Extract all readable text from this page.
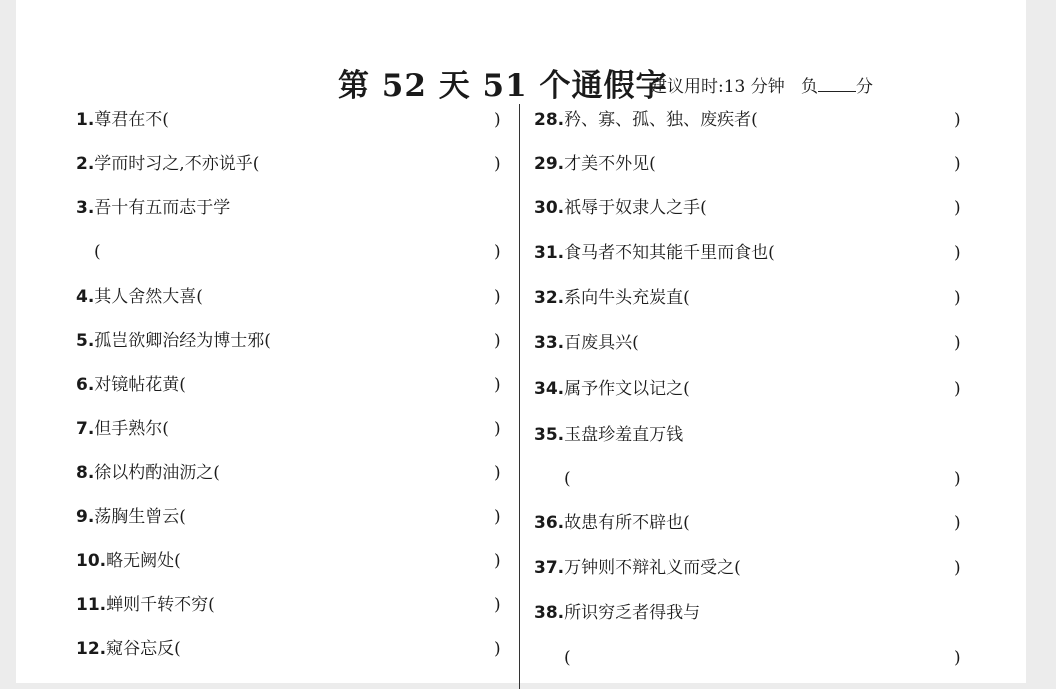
第 52 天 51 个通假字
建议用时:13 分钟 负 分
1.尊君在不(	)
2.学而时习之,不亦说乎(	)
3.吾十有五而志于学
(	)
4.其人舍然大喜(	)
5.孤岂欲卿治经为博士邪(	)
6.对镜帖花黄(	)
7.但手熟尔(	)
8.徐以杓酌油沥之(	)
9.荡胸生曾云(	)
10.略无阙处(	)
11.蝉则千转不穷(	)
12.窥谷忘反(	)
28.矜、寡、孤、独、废疾者(	)
29.才美不外见(	)
30.祇辱于奴隶人之手(	)
31.食马者不知其能千里而食也(	)
32.系向牛头充炭直(	)
33.百废具兴(	)
34.属予作文以记之(	)
35.玉盘珍羞直万钱
(	)
36.故患有所不辟也(	)
37.万钟则不辩礼义而受之(	)
38.所识穷乏者得我与
(	)
